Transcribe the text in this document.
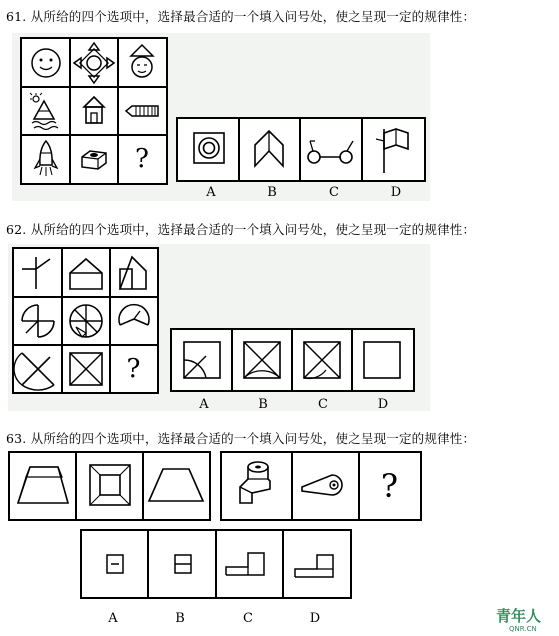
61. 从所给的四个选项中，选择最合适的一个填入问号处，使之呈现一定的规律性：
?
A	B	C	D
62. 从所给的四个选项中，选择最合适的一个填入问号处，使之呈现一定的规律性：
?
A	B	C	D
63. 从所给的四个选项中，选择最合适的一个填入问号处，使之呈现一定的规律性：
?
A	B	C	D	青年人
QNR.CN
